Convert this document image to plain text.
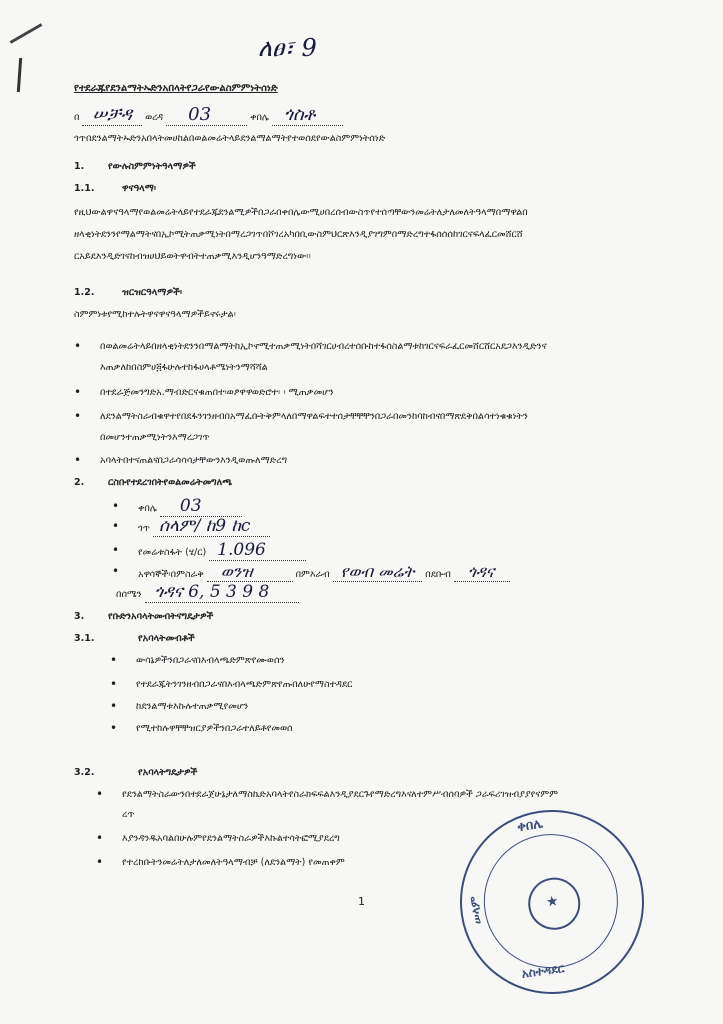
ለፀ፣ 9
የተደራጁየደንልማትኡድንአበላትየጋራየውልስምምነትሰነድ
በ ሠቻዳ ወረዳ 03	ቀበሌ ጎስቶ
ጎጥበደንልማትኡድንአበላትመሀከልበወልመሬትላይደንልማልማትየተወሰደየውልስምምነትሰነድ
1.	የውሉስምምነትዓላማዎች
1.1.	ዋናዓላማ፡
የዚህውልዋናዓላማየወልመሬትላይየተደራጁደንልሚዎችበጋራበቀበሌውሚሀበረሰብውስጥየተሰጣቸውንመሬትለታለመለትዓላማበማዋልበ
ዘላቂነትደንንየማልማትናበኢኮሚትጠቃሚነትበማረጋገጥበሾገረአካበቢውስምህርጽእንዲያገግምበማድረግተፋሰሰሰከገርናፍላፈርመሸርሸ
ርአይደእንዲድገናከብዝሀህይወትዋብትተጠቃሚእንዲሆንዓማድረግነው።
1.2.	ዝርዝርዓላማዎች፡
ስምምነቱየሚከተሉትዋናዋናዓላማዎችይኖሩታል፡
• በወልመሬትላይበዘላቂነትደንንበማልማትከኢኮኖሚተጠቃሚነትበሻገርሀብረተሰቡከተፋሰስልማቱከገርናፍራፈርመሸርሸርአደጋእንዲድንና
እጠቃለከበስምሀ፭ፋሁሉተከፋሀላቶሜነትንማሻሻል
• በተደራጅመንግድአ.ማብድርናቁጠበተ፡ወፆዋዋወድሮተ፡ ፡ ሚጠቃመሆን
• ለደንልማትስራብቁዋተየበደፋንገንዘብበአማፈቡትቅምላለበማዋልፍተተሰታቸቸቸንበጋራበመንከባከብናበማጽደቅበልሳተነቁቁነትን
በመሆንተጠቃሚነትንእማረጋገጥ
• አባላትበተናጠልናበጋራሳሳሳታቸውንእንዲወጡለማድረግ
2.	ርስቡየተደረገበትየወልመሬትመግለጫ
• ቀበሌ 03
• ጎጥ ሰላም/ ከ9 ከc
• የመሬቱስፋት (ሄ/ር) 1.096
• አዋሳኞች፡በምስራቅ ወንዝ	በምእራብ የወብ መሬት በደቡብ ጎዳና
በሰሜን ጎዳና 6, 5 3 9 8
3.	የቡድንአባላትመብትናግዴታዎች
3.1.	የአባላትመብቶች
• ውሳኔዎችንበጋራናበእብላጫድምጽየሙወሰን
• የተደራጁትንገንዘብበጋራናበእብላጫድምጽየጡበለሁየማስተዳደር
• ከደንልማቱእኩሉተጠቃሚየመሆን
• የሚተከሉዋቸቸዝርያዎችንበጋራተለይቶየመወሰ
3.2.	የአባላትግዴታዎች
• የደንልማትስራውንበተደራጀሁኔታለማስኬድአባላትየስራክፍፍልእንዲያደርጉየማድረግእናለተምሥብሰባዎች ጋራፍሪገዝብያያየናምም
ረጥ
• እያንዳንዱአባልበሁሉምየደንልማትስራዎችእኩልተሳትፎሚያደረግ
• የተረከቡትንመሬትለታለመለትዓላማብቻ (ለደንልማት) የመጠቀም
1	★
ቀበሌ
ሠላም
አስተዳደር
